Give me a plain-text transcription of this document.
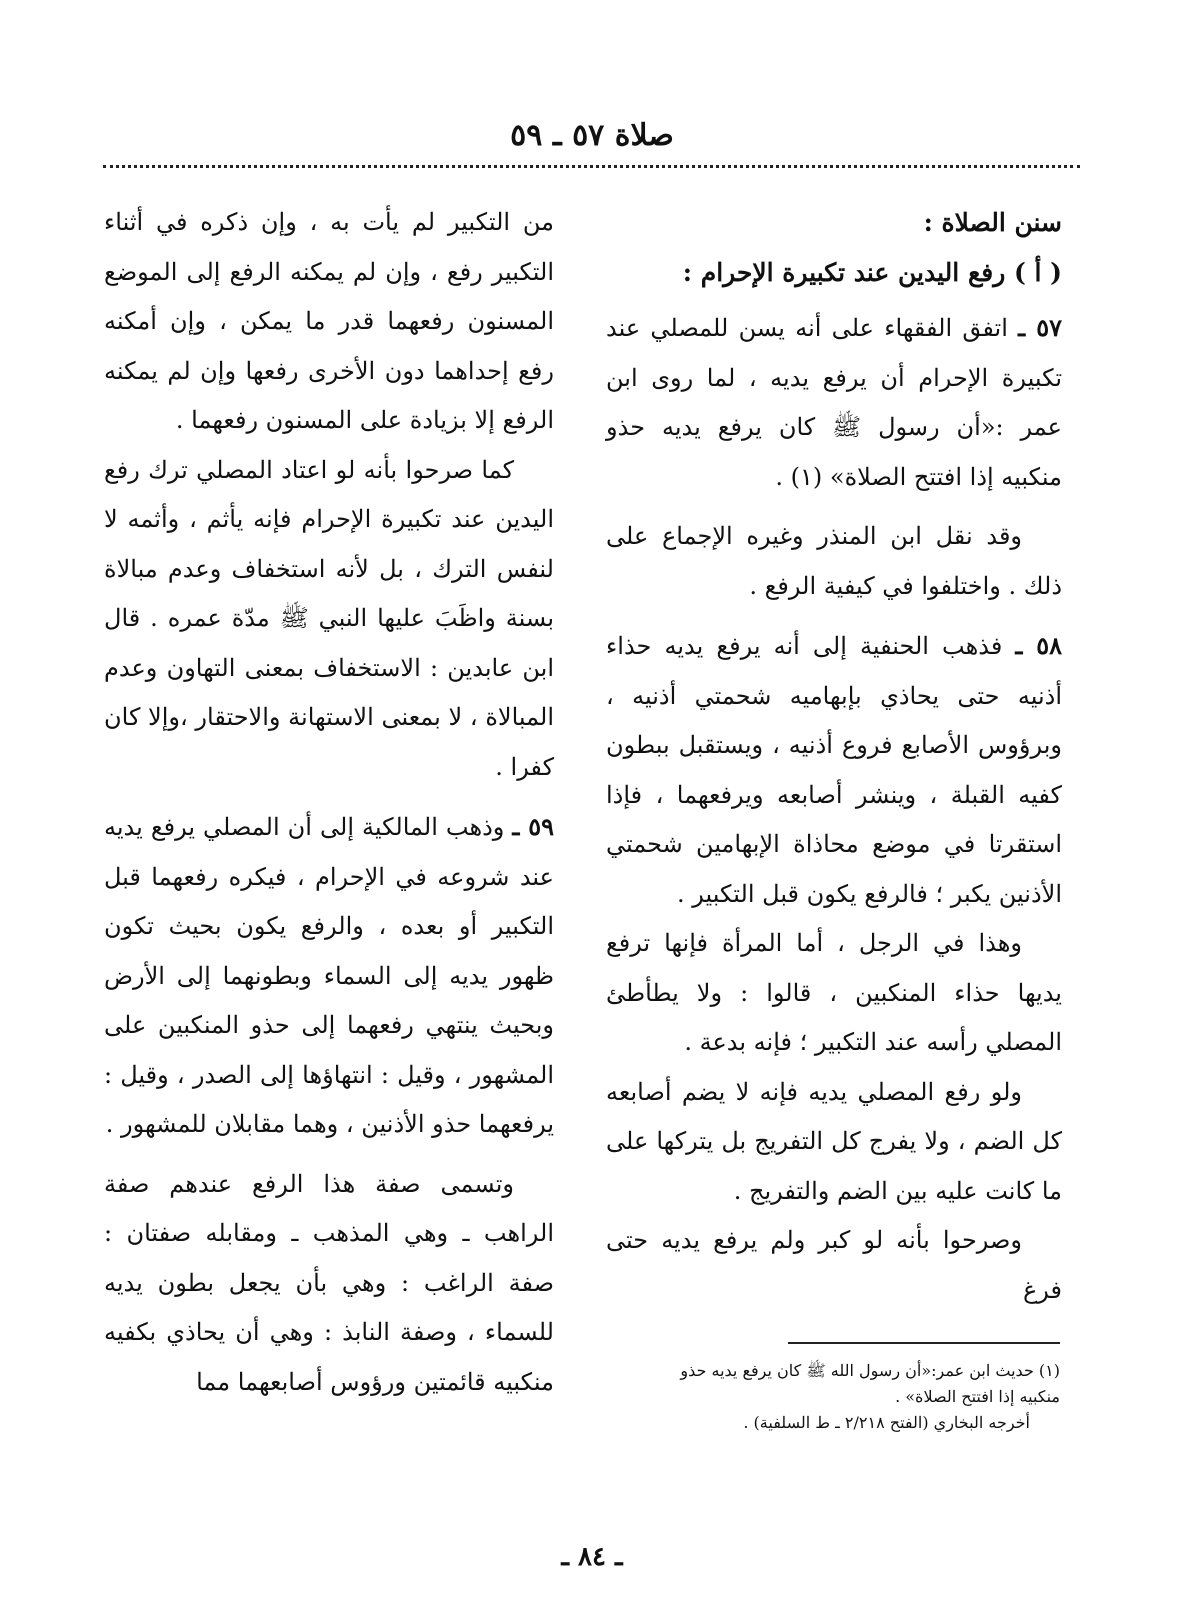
صلاة ٥٧ ـ ٥٩
سنن الصلاة :
( أ ) رفع اليدين عند تكبيرة الإحرام :

٥٧ ـ اتفق الفقهاء على أنه يسن للمصلي عند تكبيرة الإحرام أن يرفع يديه ، لما روى ابن عمر :«أن رسول ﷺ كان يرفع يديه حذو منكبيه إذا افتتح الصلاة» (١) .

وقد نقل ابن المنذر وغيره الإجماع على ذلك . واختلفوا في كيفية الرفع .

٥٨ ـ فذهب الحنفية إلى أنه يرفع يديه حذاء أذنيه حتى يحاذي بإبهاميه شحمتي أذنيه ، وبرؤوس الأصابع فروع أذنيه ، ويستقبل ببطون كفيه القبلة ، وينشر أصابعه ويرفعهما ، فإذا استقرتا في موضع محاذاة الإبهامين شحمتي الأذنين يكبر ؛ فالرفع يكون قبل التكبير .

وهذا في الرجل ، أما المرأة فإنها ترفع يديها حذاء المنكبين ، قالوا : ولا يطأطئ المصلي رأسه عند التكبير ؛ فإنه بدعة .

ولو رفع المصلي يديه فإنه لا يضم أصابعه كل الضم ، ولا يفرج كل التفريج بل يتركها على ما كانت عليه بين الضم والتفريج .

وصرحوا بأنه لو كبر ولم يرفع يديه حتى فرغ

من التكبير لم يأت به ، وإن ذكره في أثناء التكبير رفع ، وإن لم يمكنه الرفع إلى الموضع المسنون رفعهما قدر ما يمكن ، وإن أمكنه رفع إحداهما دون الأخرى رفعها وإن لم يمكنه الرفع إلا بزيادة على المسنون رفعهما .

كما صرحوا بأنه لو اعتاد المصلي ترك رفع اليدين عند تكبيرة الإحرام فإنه يأثم ، وأثمه لا لنفس الترك ، بل لأنه استخفاف وعدم مبالاة بسنة واظَبَ عليها النبي ﷺ مدّة عمره . قال ابن عابدين : الاستخفاف بمعنى التهاون وعدم المبالاة ، لا بمعنى الاستهانة والاحتقار ،وإلا كان كفرا .

٥٩ ـ وذهب المالكية إلى أن المصلي يرفع يديه عند شروعه في الإحرام ، فيكره رفعهما قبل التكبير أو بعده ، والرفع يكون بحيث تكون ظهور يديه إلى السماء وبطونهما إلى الأرض وبحيث ينتهي رفعهما إلى حذو المنكبين على المشهور ، وقيل : انتهاؤها إلى الصدر ، وقيل : يرفعهما حذو الأذنين ، وهما مقابلان للمشهور .

وتسمى صفة هذا الرفع عندهم صفة الراهب ـ وهي المذهب ـ ومقابله صفتان : صفة الراغب : وهي بأن يجعل بطون يديه للسماء ، وصفة النابذ : وهي أن يحاذي بكفيه منكبيه قائمتين ورؤوس أصابعهما مما	(١) حديث ابن عمر:«أن رسول الله ﷺ كان يرفع يديه حذو منكبيه إذا افتتح الصلاة» .

أخرجه البخاري (الفتح ٢/٢١٨ ـ ط السلفية) .

ـ ٨٤ ـ
